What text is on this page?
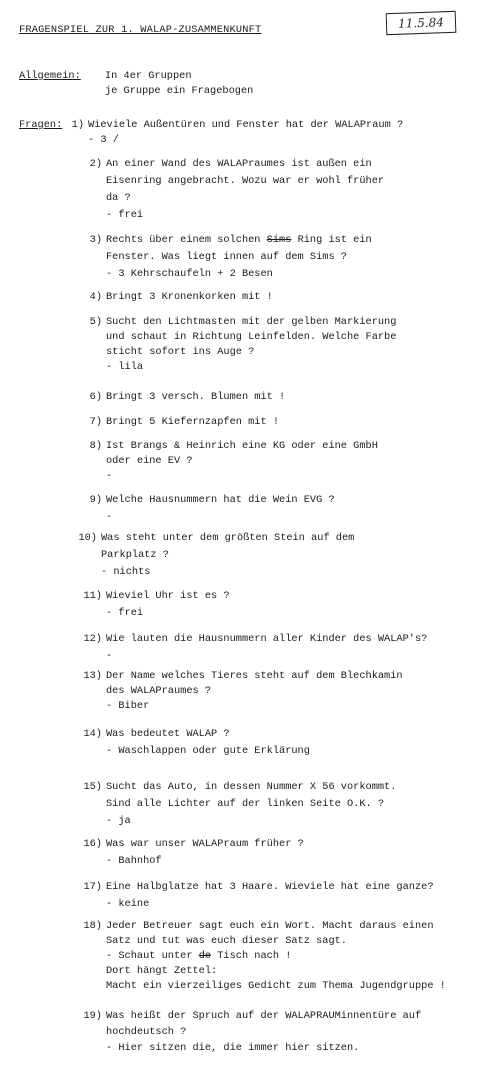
FRAGENSPIEL ZUR 1. WALAP-ZUSAMMENKUNFT	11.5.84
Allgemein: In 4er Gruppen
je Gruppe ein Fragebogen
Fragen: 1) Wieviele Außentüren und Fenster hat der WALAPraum ?
- 3 /
2) An einer Wand des WALAPraumes ist außen ein
Eisenring angebracht. Wozu war er wohl früher
da ?
- frei
3) Rechts über einem solchen Sims Ring ist ein
Fenster. Was liegt innen auf dem Sims ?
- 3 Kehrschaufeln + 2 Besen
4) Bringt 3 Kronenkorken mit !
5) Sucht den Lichtmasten mit der gelben Markierung
und schaut in Richtung Leinfelden. Welche Farbe
sticht sofort ins Auge ?
- lila
6) Bringt 3 versch. Blumen mit !
7) Bringt 5 Kiefernzapfen mit !
8) Ist Brangs & Heinrich eine KG oder eine GmbH
oder eine EV ?
-
9) Welche Hausnummern hat die Wein EVG ?
-
10) Was steht unter dem größten Stein auf dem
Parkplatz ?
- nichts
11) Wieviel Uhr ist es ?
- frei
12) Wie lauten die Hausnummern aller Kinder des WALAP's?
-
13) Der Name welches Tieres steht auf dem Blechkamin
des WALAPraumes ?
- Biber
14) Was bedeutet WALAP ?
- Waschlappen oder gute Erklärung
15) Sucht das Auto, in dessen Nummer X 56 vorkommt.
Sind alle Lichter auf der linken Seite O.K. ?
- ja
16) Was war unser WALAPraum früher ?
- Bahnhof
17) Eine Halbglatze hat 3 Haare. Wieviele hat eine ganze?
- keine
18) Jeder Betreuer sagt euch ein Wort. Macht daraus einen
Satz und tut was euch dieser Satz sagt.
- Schaut unter de Tisch nach !
Dort hängt Zettel:
Macht ein vierzeiliges Gedicht zum Thema Jugendgruppe !
19) Was heißt der Spruch auf der WALAPRAUMinnentüre auf
hochdeutsch ?
- Hier sitzen die, die immer hier sitzen.
